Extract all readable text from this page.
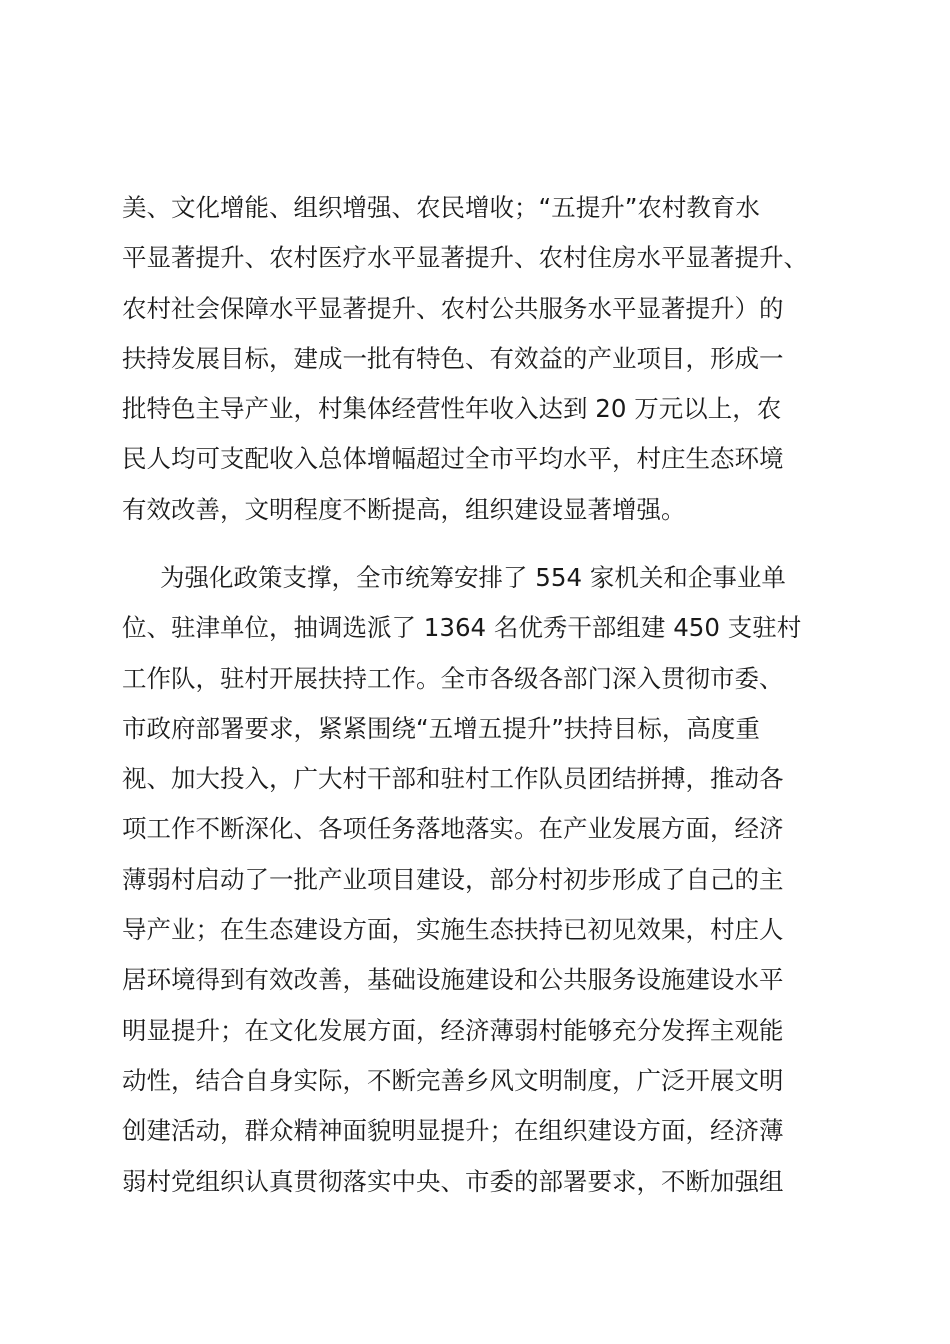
美、文化增能、组织增强、农民增收；“五提升”农村教育水
平显著提升、农村医疗水平显著提升、农村住房水平显著提升、
农村社会保障水平显著提升、农村公共服务水平显著提升）的
扶持发展目标，建成一批有特色、有效益的产业项目，形成一
批特色主导产业，村集体经营性年收入达到 20 万元以上，农
民人均可支配收入总体增幅超过全市平均水平，村庄生态环境
有效改善，文明程度不断提高，组织建设显著增强。
为强化政策支撑，全市统筹安排了 554 家机关和企事业单
位、驻津单位，抽调选派了 1364 名优秀干部组建 450 支驻村
工作队，驻村开展扶持工作。全市各级各部门深入贯彻市委、
市政府部署要求，紧紧围绕“五增五提升”扶持目标，高度重
视、加大投入，广大村干部和驻村工作队员团结拼搏，推动各
项工作不断深化、各项任务落地落实。在产业发展方面，经济
薄弱村启动了一批产业项目建设，部分村初步形成了自己的主
导产业；在生态建设方面，实施生态扶持已初见效果，村庄人
居环境得到有效改善，基础设施建设和公共服务设施建设水平
明显提升；在文化发展方面，经济薄弱村能够充分发挥主观能
动性，结合自身实际，不断完善乡风文明制度，广泛开展文明
创建活动，群众精神面貌明显提升；在组织建设方面，经济薄
弱村党组织认真贯彻落实中央、市委的部署要求，不断加强组
